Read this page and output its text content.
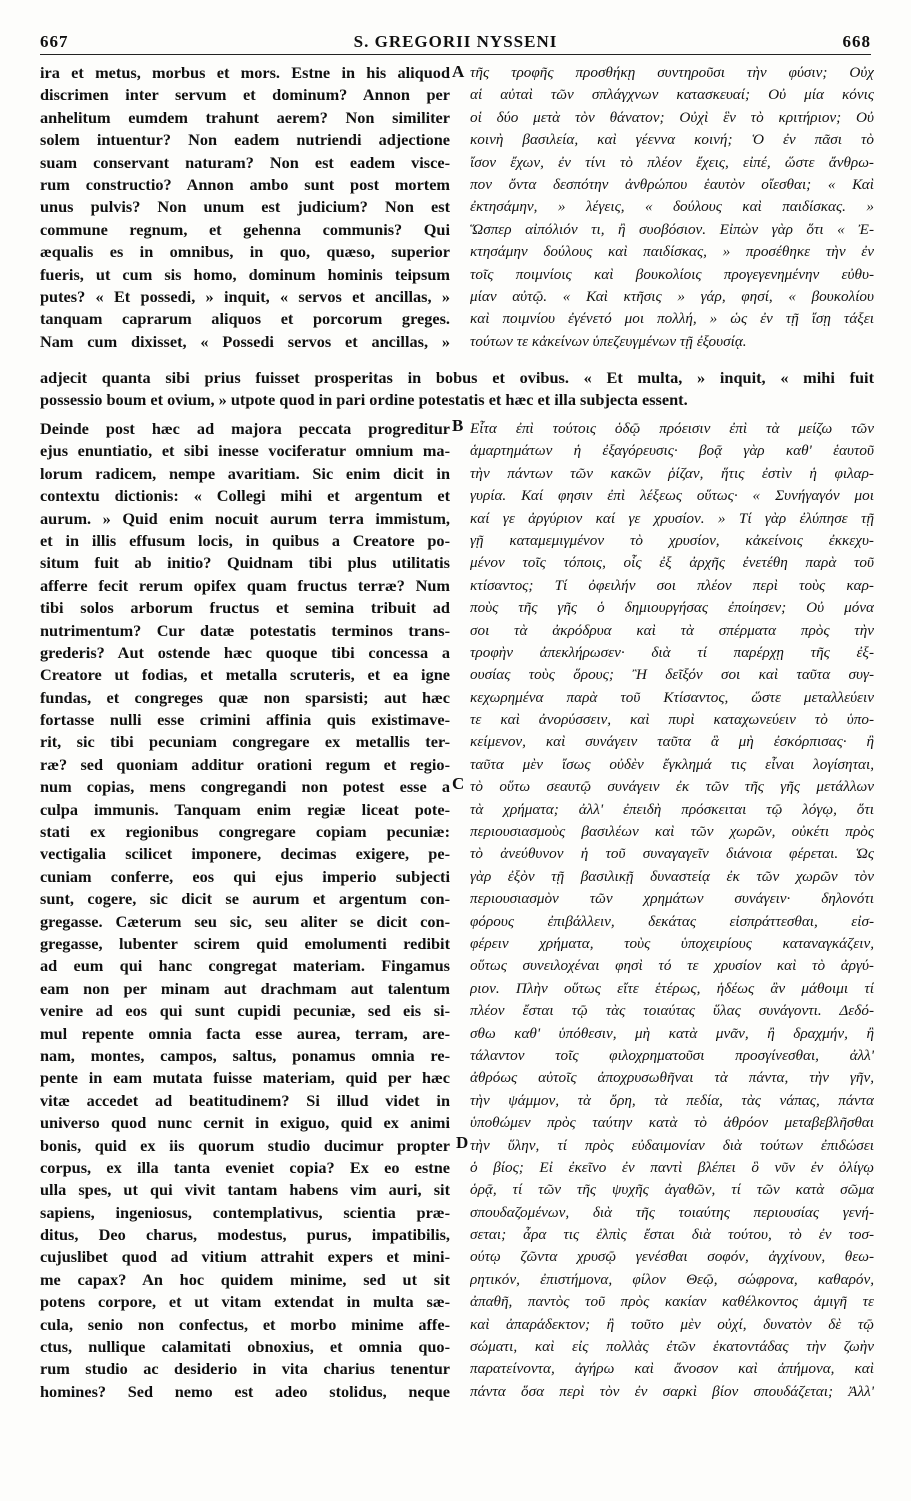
667	S. GREGORII NYSSENI	668

ira et metus, morbus et mors. Estne in his aliquod

discrimen inter servum et dominum? Annon per

anhelitum eumdem trahunt aerem? Non similiter

solem intuentur? Non eadem nutriendi adjectione

suam conservant naturam? Non est eadem visce-

rum constructio? Annon ambo sunt post mortem

unus pulvis? Non unum est judicium? Non est

commune regnum, et gehenna communis? Qui

æqualis es in omnibus, in quo, quæso, superior

fueris, ut cum sis homo, dominum hominis teipsum

putes? « Et possedi, » inquit, « servos et ancillas, »

tanquam caprarum aliquos et porcorum greges.

Nam cum dixisset, « Possedi servos et ancillas, »

τῆς τροφῆς προσθήκῃ συντηροῦσι τὴν φύσιν; Οὐχ

αἱ αὐταὶ τῶν σπλάγχνων κατασκευαί; Οὐ μία κόνις

οἱ δύο μετὰ τὸν θάνατον; Οὐχὶ ἓν τὸ κριτήριον; Οὐ

κοινὴ βασιλεία, καὶ γέεννα κοινή; Ὁ ἐν πᾶσι τὸ

ἴσον ἔχων, ἐν τίνι τὸ πλέον ἔχεις, εἰπέ, ὥστε ἄνθρω-

πον ὄντα δεσπότην ἀνθρώπου ἑαυτὸν οἴεσθαι; « Καὶ

ἐκτησάμην, » λέγεις, « δούλους καὶ παιδίσκας. »

Ὥσπερ αἰπόλιόν τι, ἢ συοβόσιον. Εἰπὼν γὰρ ὅτι « Ἐ-

κτησάμην δούλους καὶ παιδίσκας, » προσέθηκε τὴν ἐν

τοῖς ποιμνίοις καὶ βουκολίοις προγεγενημένην εὐθυ-

μίαν αὐτῷ. « Καὶ κτῆσις » γάρ, φησί, « βουκολίου

καὶ ποιμνίου ἐγένετό μοι πολλή, » ὡς ἐν τῇ ἴσῃ τάξει

τούτων τε κἀκείνων ὑπεζευγμένων τῇ ἐξουσίᾳ.

adjecit quanta sibi prius fuisset prosperitas in bobus et ovibus. « Et multa, » inquit, « mihi fuit

possessio boum et ovium, » utpote quod in pari ordine potestatis et hæc et illa subjecta essent.

Deinde post hæc ad majora peccata progreditur

ejus enuntiatio, et sibi inesse vociferatur omnium ma-

lorum radicem, nempe avaritiam. Sic enim dicit in

contextu dictionis: « Collegi mihi et argentum et

aurum. » Quid enim nocuit aurum terra immistum,

et in illis effusum locis, in quibus a Creatore po-

situm fuit ab initio? Quidnam tibi plus utilitatis

afferre fecit rerum opifex quam fructus terræ? Num

tibi solos arborum fructus et semina tribuit ad

nutrimentum? Cur datæ potestatis terminos trans-

grederis? Aut ostende hæc quoque tibi concessa a

Creatore ut fodias, et metalla scruteris, et ea igne

fundas, et congreges quæ non sparsisti; aut hæc

fortasse nulli esse crimini affinia quis existimave-

rit, sic tibi pecuniam congregare ex metallis ter-

ræ? sed quoniam additur orationi regum et regio-

num copias, mens congregandi non potest esse a

culpa immunis. Tanquam enim regiæ liceat pote-

stati ex regionibus congregare copiam pecuniæ:

vectigalia scilicet imponere, decimas exigere, pe-

cuniam conferre, eos qui ejus imperio subjecti

sunt, cogere, sic dicit se aurum et argentum con-

gregasse. Cæterum seu sic, seu aliter se dicit con-

gregasse, lubenter scirem quid emolumenti redibit

ad eum qui hanc congregat materiam. Fingamus

eam non per minam aut drachmam aut talentum

venire ad eos qui sunt cupidi pecuniæ, sed eis si-

mul repente omnia facta esse aurea, terram, are-

nam, montes, campos, saltus, ponamus omnia re-

pente in eam mutata fuisse materiam, quid per hæc

vitæ accedet ad beatitudinem? Si illud videt in

universo quod nunc cernit in exiguo, quid ex animi

bonis, quid ex iis quorum studio ducimur propter

corpus, ex illa tanta eveniet copia? Ex eo estne

ulla spes, ut qui vivit tantam habens vim auri, sit

sapiens, ingeniosus, contemplativus, scientia præ-

ditus, Deo charus, modestus, purus, impatibilis,

cujuslibet quod ad vitium attrahit expers et mini-

me capax? An hoc quidem minime, sed ut sit

potens corpore, et ut vitam extendat in multa sæ-

cula, senio non confectus, et morbo minime affe-

ctus, nullique calamitati obnoxius, et omnia quo-

rum studio ac desiderio in vita charius tenentur

homines? Sed nemo est adeo stolidus, neque

Εἶτα ἐπὶ τούτοις ὁδῷ πρόεισιν ἐπὶ τὰ μείζω τῶν

ἁμαρτημάτων ἡ ἐξαγόρευσις· βοᾷ γὰρ καθ' ἑαυτοῦ

τὴν πάντων τῶν κακῶν ῥίζαν, ἥτις ἐστὶν ἡ φιλαρ-

γυρία. Καί φησιν ἐπὶ λέξεως οὕτως· « Συνήγαγόν μοι

καί γε ἀργύριον καί γε χρυσίον. » Τί γὰρ ἐλύπησε τῇ

γῇ καταμεμιγμένον τὸ χρυσίον, κἀκείνοις ἐκκεχυ-

μένον τοῖς τόποις, οἷς ἐξ ἀρχῆς ἐνετέθη παρὰ τοῦ

κτίσαντος; Τί ὀφειλήν σοι πλέον περὶ τοὺς καρ-

ποὺς τῆς γῆς ὁ δημιουργήσας ἐποίησεν; Οὐ μόνα

σοι τὰ ἀκρόδρυα καὶ τὰ σπέρματα πρὸς τὴν

τροφὴν ἀπεκλήρωσεν· διὰ τί παρέρχῃ τῆς ἐξ-

ουσίας τοὺς ὅρους; Ἢ δεῖξόν σοι καὶ ταῦτα συγ-

κεχωρημένα παρὰ τοῦ Κτίσαντος, ὥστε μεταλλεύειν

τε καὶ ἀνορύσσειν, καὶ πυρὶ καταχωνεύειν τὸ ὑπο-

κείμενον, καὶ συνάγειν ταῦτα ἃ μὴ ἐσκόρπισας· ἢ

ταῦτα μὲν ἴσως οὐδὲν ἔγκλημά τις εἶναι λογίσηται,

τὸ οὕτω σεαυτῷ συνάγειν ἐκ τῶν τῆς γῆς μετάλλων

τὰ χρήματα; ἀλλ' ἐπειδὴ πρόσκειται τῷ λόγῳ, ὅτι

περιουσιασμοὺς βασιλέων καὶ τῶν χωρῶν, οὐκέτι πρὸς

τὸ ἀνεύθυνον ἡ τοῦ συναγαγεῖν διάνοια φέρεται. Ὡς

γὰρ ἐξὸν τῇ βασιλικῇ δυναστείᾳ ἐκ τῶν χωρῶν τὸν

περιουσιασμὸν τῶν χρημάτων συνάγειν· δηλονότι

φόρους ἐπιβάλλειν, δεκάτας εἰσπράττεσθαι, εἰσ-

φέρειν χρήματα, τοὺς ὑποχειρίους καταναγκάζειν,

οὕτως συνειλοχέναι φησὶ τό τε χρυσίον καὶ τὸ ἀργύ-

ριον. Πλὴν οὕτως εἴτε ἑτέρως, ἡδέως ἂν μάθοιμι τί

πλέον ἔσται τῷ τὰς τοιαύτας ὕλας συνάγοντι. Δεδό-

σθω καθ' ὑπόθεσιν, μὴ κατὰ μνᾶν, ἢ δραχμήν, ἢ

τάλαντον τοῖς φιλοχρηματοῦσι προσγίνεσθαι, ἀλλ'

ἀθρόως αὐτοῖς ἀποχρυσωθῆναι τὰ πάντα, τὴν γῆν,

τὴν ψάμμον, τὰ ὄρη, τὰ πεδία, τὰς νάπας, πάντα

ὑποθώμεν πρὸς ταύτην κατὰ τὸ ἀθρόον μεταβεβλῆσθαι

τὴν ὕλην, τί πρὸς εὐδαιμονίαν διὰ τούτων ἐπιδώσει

ὁ βίος; Εἰ ἐκεῖνο ἐν παντὶ βλέπει ὃ νῦν ἐν ὀλίγῳ

ὁρᾷ, τί τῶν τῆς ψυχῆς ἀγαθῶν, τί τῶν κατὰ σῶμα

σπουδαζομένων, διὰ τῆς τοιαύτης περιουσίας γενή-

σεται; ἆρα τις ἐλπὶς ἔσται διὰ τούτου, τὸ ἐν τοσ-

ούτῳ ζῶντα χρυσῷ γενέσθαι σοφόν, ἀγχίνουν, θεω-

ρητικόν, ἐπιστήμονα, φίλον Θεῷ, σώφρονα, καθαρόν,

ἀπαθῆ, παντὸς τοῦ πρὸς κακίαν καθέλκοντος ἀμιγῆ τε

καὶ ἀπαράδεκτον; ἢ τοῦτο μὲν οὐχί, δυνατὸν δὲ τῷ

σώματι, καὶ εἰς πολλὰς ἐτῶν ἑκατοντάδας τὴν ζωὴν

παρατείνοντα, ἀγήρω καὶ ἄνοσον καὶ ἀπήμονα, καὶ

πάντα ὅσα περὶ τὸν ἐν σαρκὶ βίον σπουδάζεται; Ἀλλ'

A
B
C
D
